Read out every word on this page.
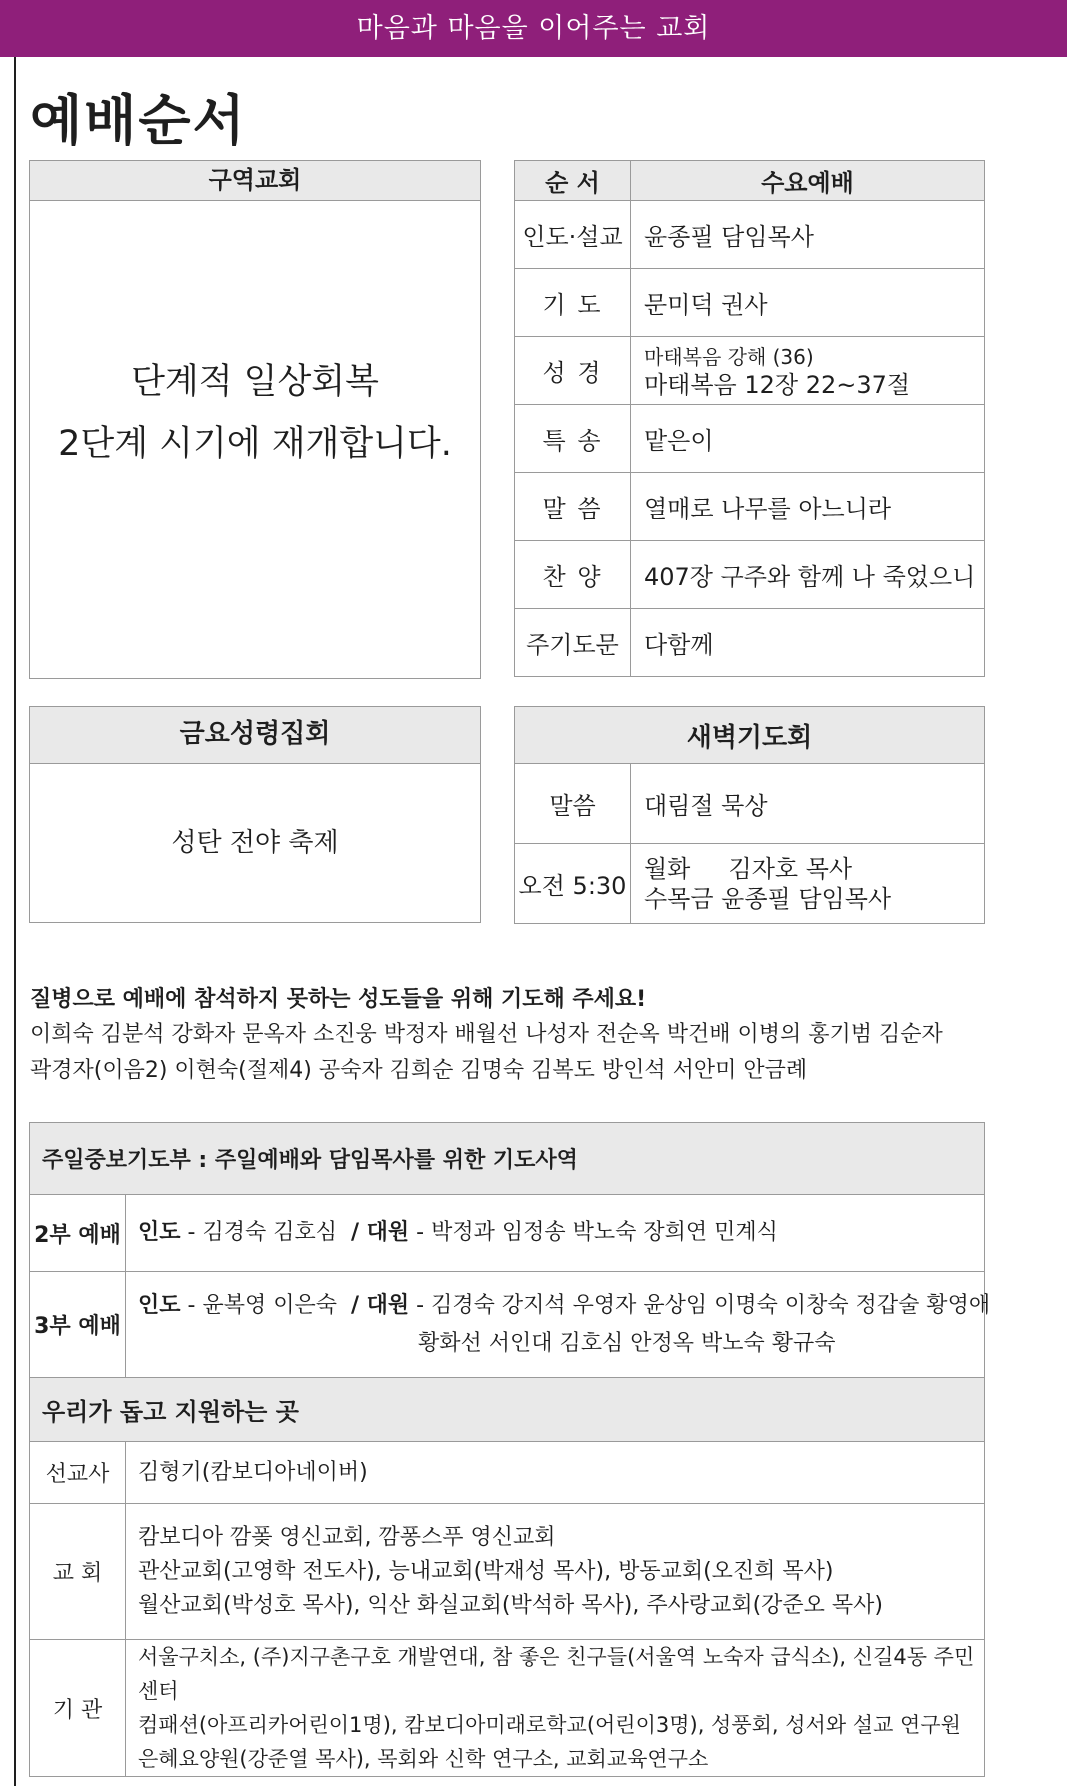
마음과 마음을 이어주는 교회
예배순서
구역교회
단계적 일상회복
2단계 시기에 재개합니다.
순 서	수요예배
인도·설교	윤종필 담임목사
기 도	문미덕 권사
성 경	마태복음 강해 (36)
마태복음 12장 22~37절

특 송	맡은이
말 씀	열매로 나무를 아느니라
찬 양	407장 구주와 함께 나 죽었으니
주기도문	다함께
금요성령집회
성탄 전야 축제
새벽기도회	
말씀	대림절 묵상
오전 5:30	월화     김자호 목사
수목금 윤종필 담임목사
질병으로 예배에 참석하지 못하는 성도들을 위해 기도해 주세요!
이희숙 김분석 강화자 문옥자 소진웅 박정자 배월선 나성자 전순옥 박건배 이병의 홍기범 김순자
곽경자(이음2) 이현숙(절제4) 공숙자 김희순 김명숙 김복도 방인석 서안미 안금례
주일중보기도부 : 주일예배와 담임목사를 위한 기도사역	
2부 예배	인도 - 김경숙 김호심  / 대원 - 박정과 임정송 박노숙 장희연 민계식
3부 예배	인도 - 윤복영 이은숙  / 대원 - 김경숙 강지석 우영자 윤상임 이명숙 이창숙 정갑술 황영애
황화선 서인대 김호심 안정옥 박노숙 황규숙

우리가 돕고 지원하는 곳	
선교사	김형기(캄보디아네이버)

교 회	캄보디아 깜퐂 영신교회, 깜퐁스푸 영신교회
관산교회(고영학 전도사), 능내교회(박재성 목사), 방동교회(오진희 목사)
월산교회(박성호 목사), 익산 화실교회(박석하 목사), 주사랑교회(강준오 목사)

기 관	서울구치소, (주)지구촌구호 개발연대, 참 좋은 친구들(서울역 노숙자 급식소), 신길4동 주민센터
컴패션(아프리카어린이1명), 캄보디아미래로학교(어린이3명), 성풍회, 성서와 설교 연구원
은혜요양원(강준열 목사), 목회와 신학 연구소, 교회교육연구소
